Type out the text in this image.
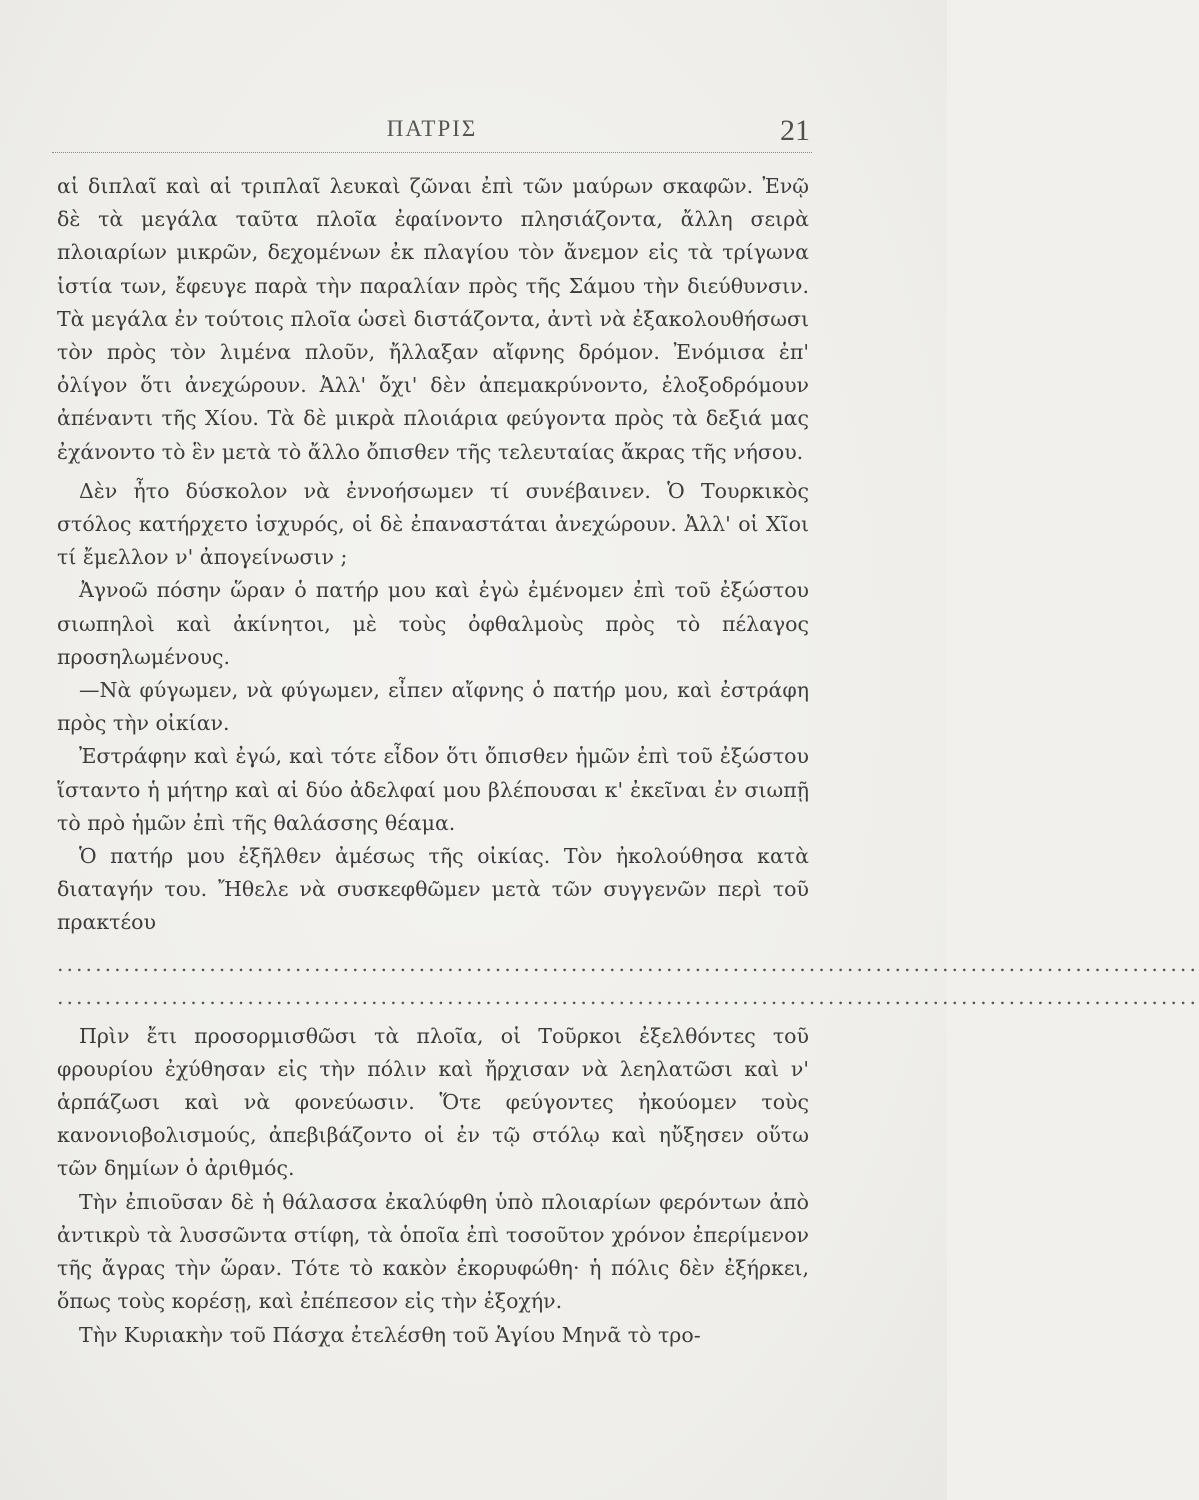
ΠΑΤΡΙΣ	21

αἱ διπλαῖ καὶ αἱ τριπλαῖ λευκαὶ ζῶναι ἐπὶ τῶν μαύρων σκαφῶν. Ἐνῷ δὲ τὰ μεγάλα ταῦτα πλοῖα ἐφαίνοντο πλησιάζοντα, ἄλλη σειρὰ πλοιαρίων μικρῶν, δεχομένων ἐκ πλαγίου τὸν ἄνεμον εἰς τὰ τρίγωνα ἱστία των, ἔφευγε παρὰ τὴν παραλίαν πρὸς τῆς Σάμου τὴν διεύθυνσιν. Τὰ μεγάλα ἐν τούτοις πλοῖα ὡσεὶ διστάζοντα, ἀντὶ νὰ ἐξακολουθήσωσι τὸν πρὸς τὸν λιμένα πλοῦν, ἤλλαξαν αἴφνης δρόμον. Ἐνόμισα ἐπ' ὀλίγον ὅτι ἀνεχώρουν. Ἀλλ' ὄχι' δὲν ἀπεμακρύνοντο, ἐλοξοδρόμουν ἀπέναντι τῆς Χίου. Τὰ δὲ μικρὰ πλοιάρια φεύγοντα πρὸς τὰ δεξιά μας ἐχάνοντο τὸ ἓν μετὰ τὸ ἄλλο ὄπισθεν τῆς τελευταίας ἄκρας τῆς νήσου.

Δὲν ἦτο δύσκολον νὰ ἐννοήσωμεν τί συνέβαινεν. Ὁ Τουρκικὸς στόλος κατήρχετο ἰσχυρός, οἱ δὲ ἐπαναστάται ἀνεχώρουν. Ἀλλ' οἱ Χῖοι τί ἔμελλον ν' ἀπογείνωσιν ;

Ἀγνοῶ πόσην ὥραν ὁ πατήρ μου καὶ ἐγὼ ἐμένομεν ἐπὶ τοῦ ἐξώστου σιωπηλοὶ καὶ ἀκίνητοι, μὲ τοὺς ὀφθαλμοὺς πρὸς τὸ πέλαγος προσηλωμένους.

—Νὰ φύγωμεν, νὰ φύγωμεν, εἶπεν αἴφνης ὁ πατήρ μου, καὶ ἐστράφη πρὸς τὴν οἰκίαν.

Ἐστράφην καὶ ἐγώ, καὶ τότε εἶδον ὅτι ὄπισθεν ἡμῶν ἐπὶ τοῦ ἐξώστου ἵσταντο ἡ μήτηρ καὶ αἱ δύο ἀδελφαί μου βλέπουσαι κ' ἐκεῖναι ἐν σιωπῇ τὸ πρὸ ἡμῶν ἐπὶ τῆς θαλάσσης θέαμα.

Ὁ πατήρ μου ἐξῆλθεν ἀμέσως τῆς οἰκίας. Τὸν ἠκολούθησα κατὰ διαταγήν του. Ἤθελε νὰ συσκεφθῶμεν μετὰ τῶν συγγενῶν περὶ τοῦ πρακτέου

........................................................................................................................
........................................................................................................................

Πρὶν ἔτι προσορμισθῶσι τὰ πλοῖα, οἱ Τοῦρκοι ἐξελθόντες τοῦ φρουρίου ἐχύθησαν εἰς τὴν πόλιν καὶ ἤρχισαν νὰ λεηλατῶσι καὶ ν' ἁρπάζωσι καὶ νὰ φονεύωσιν. Ὅτε φεύγοντες ἠκούομεν τοὺς κανονιοβολισμούς, ἀπεβιβάζοντο οἱ ἐν τῷ στόλῳ καὶ ηὔξησεν οὕτω τῶν δημίων ὁ ἀριθμός.

Τὴν ἐπιοῦσαν δὲ ἡ θάλασσα ἐκαλύφθη ὑπὸ πλοιαρίων φερόντων ἀπὸ ἀντικρὺ τὰ λυσσῶντα στίφη, τὰ ὁποῖα ἐπὶ τοσοῦτον χρόνον ἐπερίμενον τῆς ἄγρας τὴν ὥραν. Τότε τὸ κακὸν ἐκορυφώθη· ἡ πόλις δὲν ἐξήρκει, ὅπως τοὺς κορέσῃ, καὶ ἐπέπεσον εἰς τὴν ἐξοχήν.

Τὴν Κυριακὴν τοῦ Πάσχα ἐτελέσθη τοῦ Ἁγίου Μηνᾶ τὸ τρο-
